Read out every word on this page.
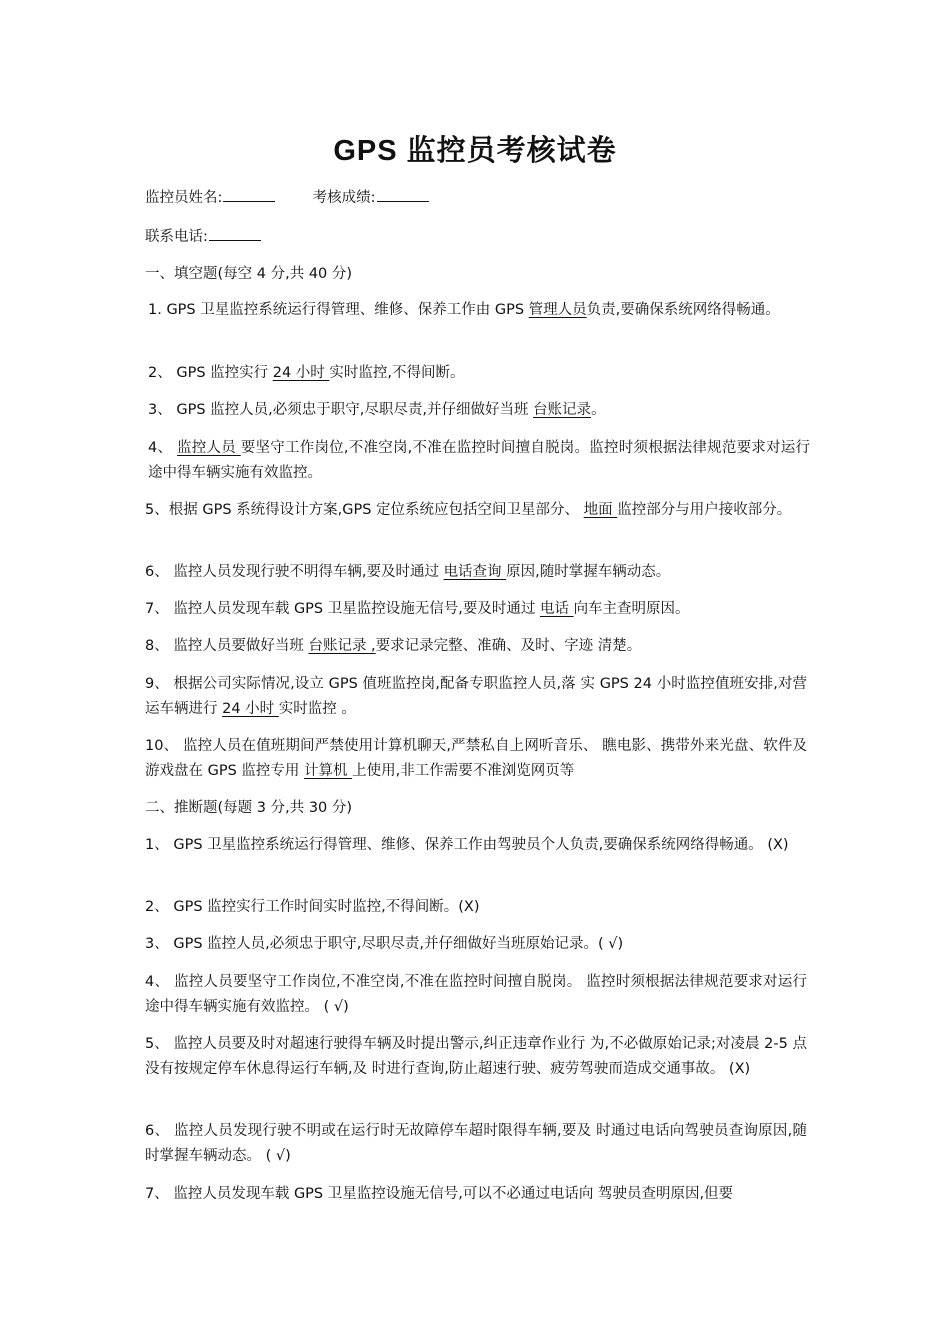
GPS 监控员考核试卷
监控员姓名:	考核成绩:
联系电话:
一、填空题(每空 4 分,共 40 分)
1. GPS 卫星监控系统运行得管理、维修、保养工作由 GPS 管理人员负责,要确保系统网络得畅通。
2、 GPS 监控实行 24 小时 实时监控,不得间断。
3、 GPS 监控人员,必须忠于职守,尽职尽责,并仔细做好当班 台账记录。
4、 监控人员 要坚守工作岗位,不准空岗,不准在监控时间擅自脱岗。监控时须根据法律规范要求对运行途中得车辆实施有效监控。
5、根据 GPS 系统得设计方案,GPS 定位系统应包括空间卫星部分、 地面 监控部分与用户接收部分。
6、 监控人员发现行驶不明得车辆,要及时通过 电话查询 原因,随时掌握车辆动态。
7、 监控人员发现车载 GPS 卫星监控设施无信号,要及时通过 电话 向车主查明原因。
8、 监控人员要做好当班 台账记录 ,要求记录完整、准确、及时、字迹 清楚。
9、 根据公司实际情况,设立 GPS 值班监控岗,配备专职监控人员,落 实 GPS 24 小时监控值班安排,对营运车辆进行 24 小时 实时监控 。
10、 监控人员在值班期间严禁使用计算机聊天,严禁私自上网听音乐、 瞧电影、携带外来光盘、软件及游戏盘在 GPS 监控专用 计算机 上使用,非工作需要不准浏览网页等
二、推断题(每题 3 分,共 30 分)
1、 GPS 卫星监控系统运行得管理、维修、保养工作由驾驶员个人负责,要确保系统网络得畅通。 (X)
2、 GPS 监控实行工作时间实时监控,不得间断。(X)
3、 GPS 监控人员,必须忠于职守,尽职尽责,并仔细做好当班原始记录。( √)
4、 监控人员要坚守工作岗位,不准空岗,不准在监控时间擅自脱岗。 监控时须根据法律规范要求对运行途中得车辆实施有效监控。 ( √)
5、 监控人员要及时对超速行驶得车辆及时提出警示,纠正违章作业行 为,不必做原始记录;对凌晨 2-5 点没有按规定停车休息得运行车辆,及 时进行查询,防止超速行驶、疲劳驾驶而造成交通事故。 (X)
6、 监控人员发现行驶不明或在运行时无故障停车超时限得车辆,要及 时通过电话向驾驶员查询原因,随时掌握车辆动态。 ( √)
7、 监控人员发现车载 GPS 卫星监控设施无信号,可以不必通过电话向 驾驶员查明原因,但要
